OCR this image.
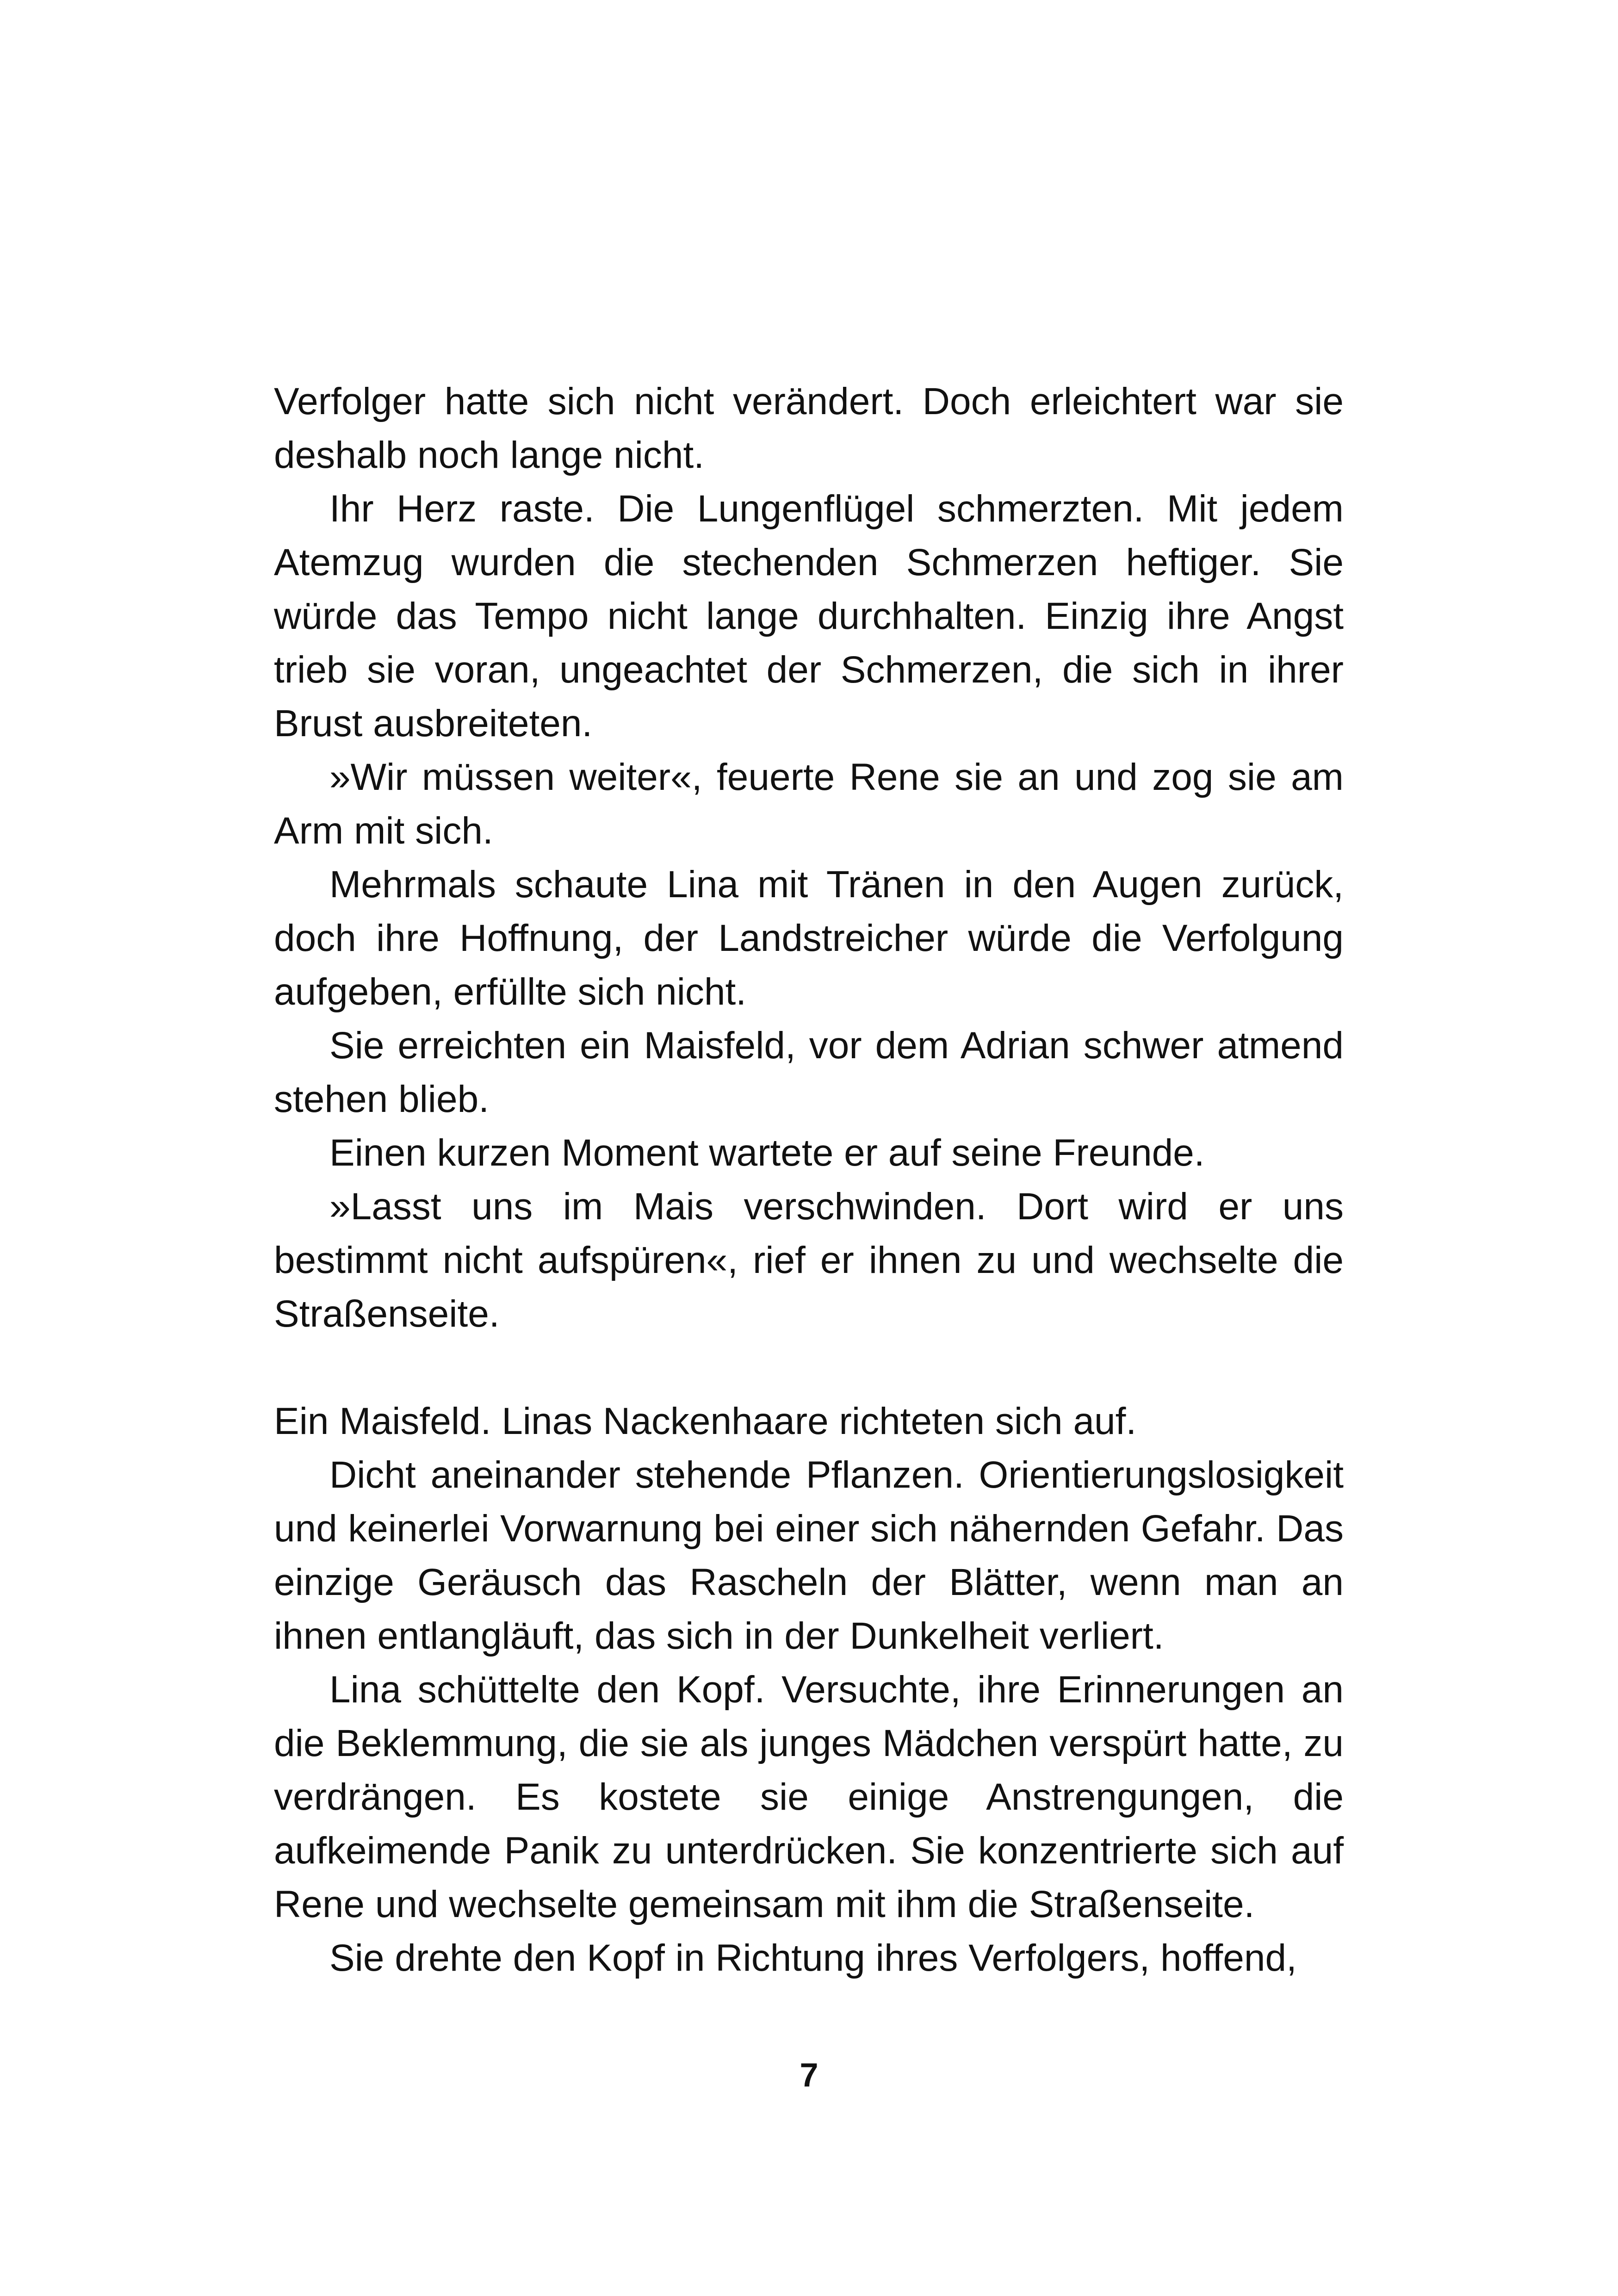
Verfolger hatte sich nicht verändert. Doch erleichtert war sie deshalb noch lange nicht.

Ihr Herz raste. Die Lungenflügel schmerzten. Mit jedem Atemzug wurden die stechenden Schmerzen heftiger. Sie würde das Tempo nicht lange durchhalten. Einzig ihre Angst trieb sie voran, ungeachtet der Schmerzen, die sich in ihrer Brust ausbreiteten.

»Wir müssen weiter«, feuerte Rene sie an und zog sie am Arm mit sich.

Mehrmals schaute Lina mit Tränen in den Augen zurück, doch ihre Hoffnung, der Landstreicher würde die Verfolgung aufgeben, erfüllte sich nicht.

Sie erreichten ein Maisfeld, vor dem Adrian schwer atmend stehen blieb.

Einen kurzen Moment wartete er auf seine Freunde.

»Lasst uns im Mais verschwinden. Dort wird er uns bestimmt nicht aufspüren«, rief er ihnen zu und wechselte die Straßenseite.

Ein Maisfeld. Linas Nackenhaare richteten sich auf.

Dicht aneinander stehende Pflanzen. Orientierungslosigkeit und keinerlei Vorwarnung bei einer sich nähernden Gefahr. Das einzige Geräusch das Rascheln der Blätter, wenn man an ihnen entlangläuft, das sich in der Dunkelheit verliert.

Lina schüttelte den Kopf. Versuchte, ihre Erinnerungen an die Beklemmung, die sie als junges Mädchen verspürt hatte, zu verdrängen. Es kostete sie einige Anstrengungen, die aufkeimende Panik zu unterdrücken. Sie konzentrierte sich auf Rene und wechselte gemeinsam mit ihm die Straßenseite.

Sie drehte den Kopf in Richtung ihres Verfolgers, hoffend,

7
